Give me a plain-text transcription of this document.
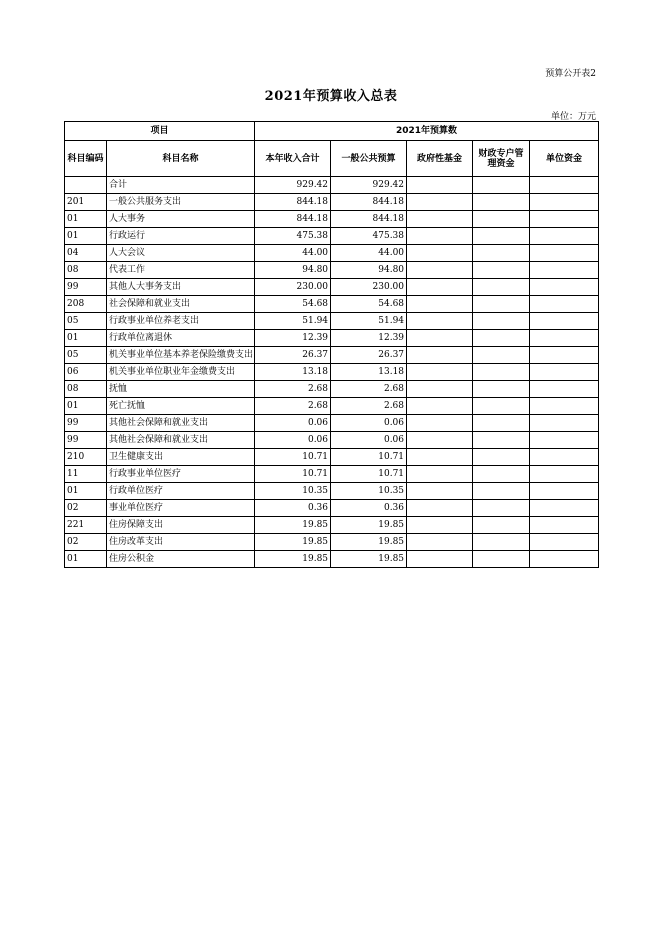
预算公开表2
2021年预算收入总表
单位：万元
项目		2021年预算数				
科目编码	科目名称	本年收入合计	一般公共预算	政府性基金	财政专户管理资金	单位资金
	合计	929.42	929.42			
201	一般公共服务支出	844.18	844.18			
01	人大事务	844.18	844.18			
01	行政运行	475.38	475.38			
04	人大会议	44.00	44.00			
08	代表工作	94.80	94.80			
99	其他人大事务支出	230.00	230.00			
208	社会保障和就业支出	54.68	54.68			
05	行政事业单位养老支出	51.94	51.94			
01	行政单位离退休	12.39	12.39			
05	机关事业单位基本养老保险缴费支出	26.37	26.37			
06	机关事业单位职业年金缴费支出	13.18	13.18			
08	抚恤	2.68	2.68			
01	死亡抚恤	2.68	2.68			
99	其他社会保障和就业支出	0.06	0.06			
99	其他社会保障和就业支出	0.06	0.06			
210	卫生健康支出	10.71	10.71			
11	行政事业单位医疗	10.71	10.71			
01	行政单位医疗	10.35	10.35			
02	事业单位医疗	0.36	0.36			
221	住房保障支出	19.85	19.85			
02	住房改革支出	19.85	19.85			
01	住房公积金	19.85	19.85			
